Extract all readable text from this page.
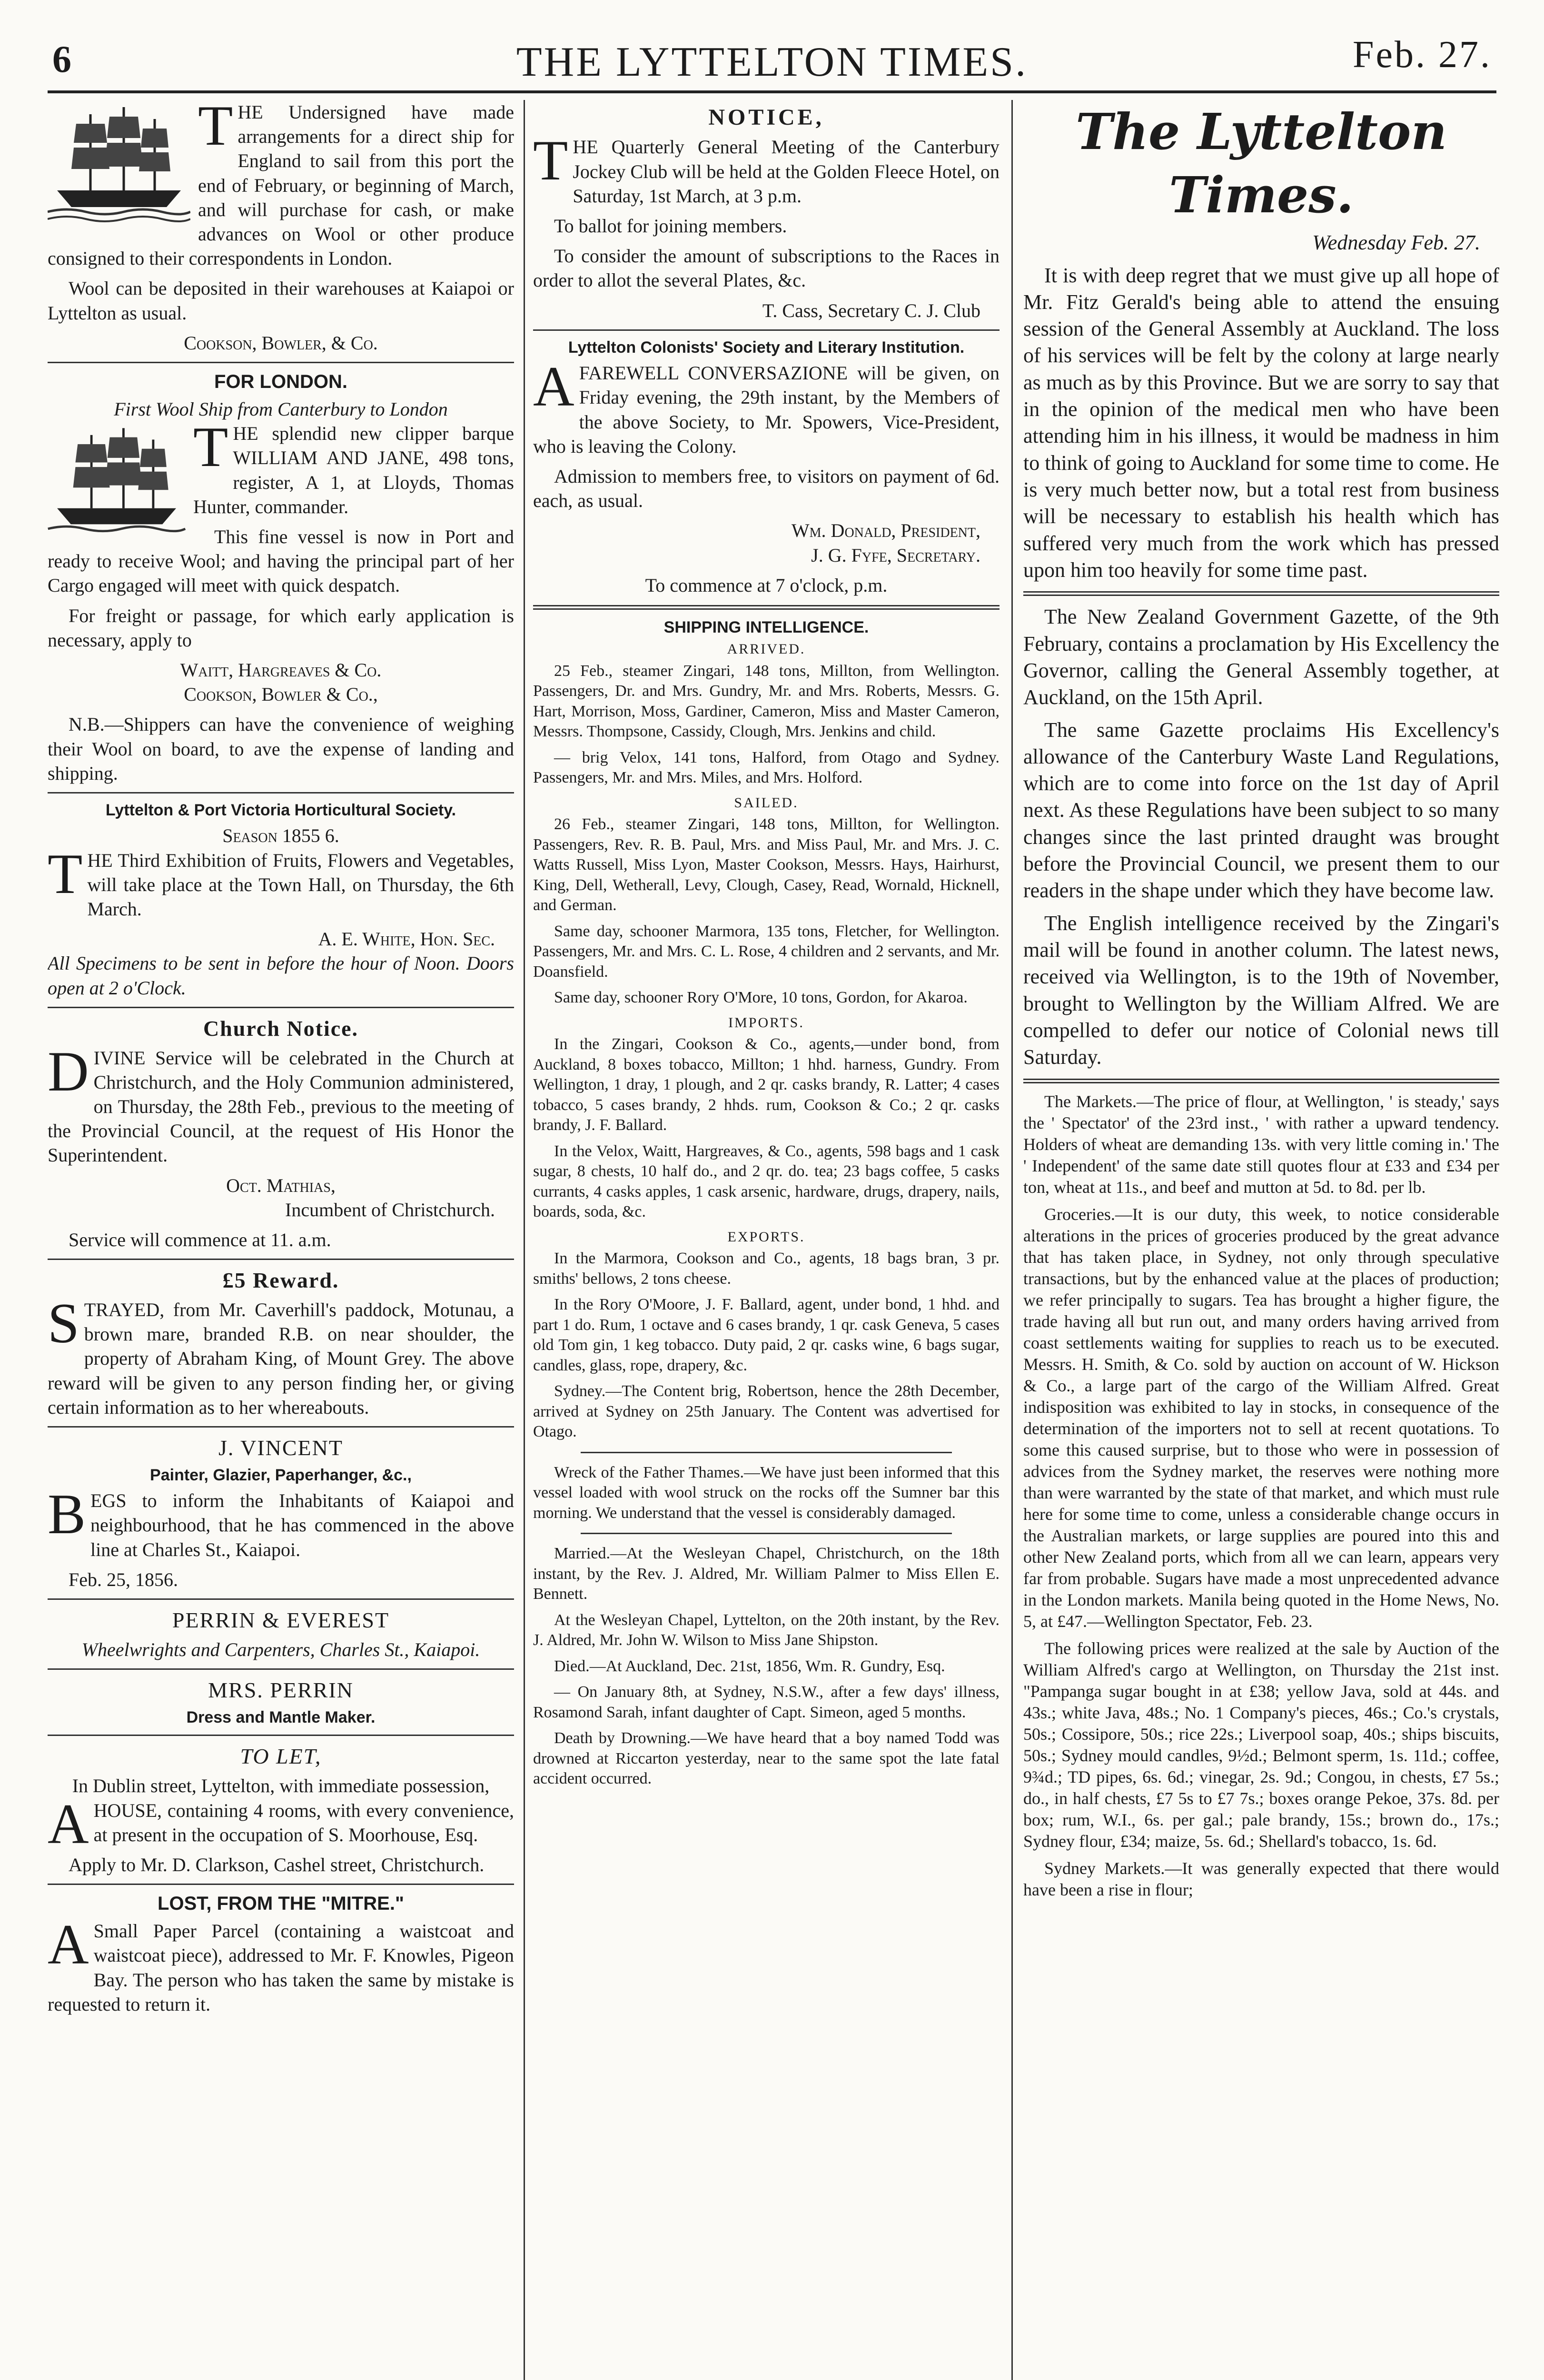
6	THE LYTTELTON TIMES.	Feb. 27.

THE Undersigned have made arrangements for a direct ship for England to sail from this port the end of February, or beginning of March, and will purchase for cash, or make advances on Wool or other produce consigned to their correspondents in London.

Wool can be deposited in their warehouses at Kaiapoi or Lyttelton as usual.

Cookson, Bowler, & Co.

FOR LONDON.
First Wool Ship from Canterbury to London

THE splendid new clipper barque WILLIAM AND JANE, 498 tons, register, A 1, at Lloyds, Thomas Hunter, commander.

This fine vessel is now in Port and ready to receive Wool; and having the principal part of her Cargo engaged will meet with quick despatch.

For freight or passage, for which early application is necessary, apply to

Waitt, Hargreaves & Co.

Cookson, Bowler & Co.,

N.B.—Shippers can have the convenience of weighing their Wool on board, to ave the expense of landing and shipping.

Lyttelton & Port Victoria Horticultural Society.
Season 1855 6.

THE Third Exhibition of Fruits, Flowers and Vegetables, will take place at the Town Hall, on Thursday, the 6th March.

A. E. White, Hon. Sec.

All Specimens to be sent in before the hour of Noon. Doors open at 2 o'Clock.

Church Notice.

DIVINE Service will be celebrated in the Church at Christchurch, and the Holy Communion administered, on Thursday, the 28th Feb., previous to the meeting of the Provincial Council, at the request of His Honor the Superintendent.

Oct. Mathias,

Incumbent of Christchurch.

Service will commence at 11. a.m.

£5 Reward.

STRAYED, from Mr. Caverhill's paddock, Motunau, a brown mare, branded R.B. on near shoulder, the property of Abraham King, of Mount Grey. The above reward will be given to any person finding her, or giving certain information as to her whereabouts.

J. VINCENT
Painter, Glazier, Paperhanger, &c.,

BEGS to inform the Inhabitants of Kaiapoi and neighbourhood, that he has commenced in the above line at Charles St., Kaiapoi.

Feb. 25, 1856.

PERRIN & EVEREST
Wheelwrights and Carpenters, Charles St., Kaiapoi.
MRS. PERRIN
Dress and Mantle Maker.
TO LET,
In Dublin street, Lyttelton, with immediate possession,

AHOUSE, containing 4 rooms, with every convenience, at present in the occupation of S. Moorhouse, Esq.

Apply to Mr. D. Clarkson, Cashel street, Christchurch.

LOST, FROM THE "MITRE."

A Small Paper Parcel (containing a waistcoat and waistcoat piece), addressed to Mr. F. Knowles, Pigeon Bay. The person who has taken the same by mistake is requested to return it.

NOTICE,

THE Quarterly General Meeting of the Canterbury Jockey Club will be held at the Golden Fleece Hotel, on Saturday, 1st March, at 3 p.m.

To ballot for joining members.

To consider the amount of subscriptions to the Races in order to allot the several Plates, &c.

T. Cass, Secretary C. J. Club

Lyttelton Colonists' Society and Literary Institution.

AFAREWELL CONVERSAZIONE will be given, on Friday evening, the 29th instant, by the Members of the above Society, to Mr. Spowers, Vice-President, who is leaving the Colony.

Admission to members free, to visitors on payment of 6d. each, as usual.

Wm. Donald, President,

J. G. Fyfe, Secretary.

To commence at 7 o'clock, p.m.

SHIPPING INTELLIGENCE.
ARRIVED.

25 Feb., steamer Zingari, 148 tons, Millton, from Wellington. Passengers, Dr. and Mrs. Gundry, Mr. and Mrs. Roberts, Messrs. G. Hart, Morrison, Moss, Gardiner, Cameron, Miss and Master Cameron, Messrs. Thompsone, Cassidy, Clough, Mrs. Jenkins and child.

— brig Velox, 141 tons, Halford, from Otago and Sydney. Passengers, Mr. and Mrs. Miles, and Mrs. Holford.

SAILED.

26 Feb., steamer Zingari, 148 tons, Millton, for Wellington. Passengers, Rev. R. B. Paul, Mrs. and Miss Paul, Mr. and Mrs. J. C. Watts Russell, Miss Lyon, Master Cookson, Messrs. Hays, Hairhurst, King, Dell, Wetherall, Levy, Clough, Casey, Read, Wornald, Hicknell, and German.

Same day, schooner Marmora, 135 tons, Fletcher, for Wellington. Passengers, Mr. and Mrs. C. L. Rose, 4 children and 2 servants, and Mr. Doansfield.

Same day, schooner Rory O'More, 10 tons, Gordon, for Akaroa.

IMPORTS.

In the Zingari, Cookson & Co., agents,—under bond, from Auckland, 8 boxes tobacco, Millton; 1 hhd. harness, Gundry. From Wellington, 1 dray, 1 plough, and 2 qr. casks brandy, R. Latter; 4 cases tobacco, 5 cases brandy, 2 hhds. rum, Cookson & Co.; 2 qr. casks brandy, J. F. Ballard.

In the Velox, Waitt, Hargreaves, & Co., agents, 598 bags and 1 cask sugar, 8 chests, 10 half do., and 2 qr. do. tea; 23 bags coffee, 5 casks currants, 4 casks apples, 1 cask arsenic, hardware, drugs, drapery, nails, boards, soda, &c.

EXPORTS.

In the Marmora, Cookson and Co., agents, 18 bags bran, 3 pr. smiths' bellows, 2 tons cheese.

In the Rory O'Moore, J. F. Ballard, agent, under bond, 1 hhd. and part 1 do. Rum, 1 octave and 6 cases brandy, 1 qr. cask Geneva, 5 cases old Tom gin, 1 keg tobacco. Duty paid, 2 qr. casks wine, 6 bags sugar, candles, glass, rope, drapery, &c.

Sydney.—The Content brig, Robertson, hence the 28th December, arrived at Sydney on 25th January. The Content was advertised for Otago.

Wreck of the Father Thames.—We have just been informed that this vessel loaded with wool struck on the rocks off the Sumner bar this morning. We understand that the vessel is considerably damaged.

Married.—At the Wesleyan Chapel, Christchurch, on the 18th instant, by the Rev. J. Aldred, Mr. William Palmer to Miss Ellen E. Bennett.

At the Wesleyan Chapel, Lyttelton, on the 20th instant, by the Rev. J. Aldred, Mr. John W. Wilson to Miss Jane Shipston.

Died.—At Auckland, Dec. 21st, 1856, Wm. R. Gundry, Esq.

— On January 8th, at Sydney, N.S.W., after a few days' illness, Rosamond Sarah, infant daughter of Capt. Simeon, aged 5 months.

Death by Drowning.—We have heard that a boy named Todd was drowned at Riccarton yesterday, near to the same spot the late fatal accident occurred.

The Lyttelton Times.

Wednesday Feb. 27.

It is with deep regret that we must give up all hope of Mr. Fitz Gerald's being able to attend the ensuing session of the General Assembly at Auckland. The loss of his services will be felt by the colony at large nearly as much as by this Province. But we are sorry to say that in the opinion of the medical men who have been attending him in his illness, it would be madness in him to think of going to Auckland for some time to come. He is very much better now, but a total rest from business will be necessary to establish his health which has suffered very much from the work which has pressed upon him too heavily for some time past.

The New Zealand Government Gazette, of the 9th February, contains a proclamation by His Excellency the Governor, calling the General Assembly together, at Auckland, on the 15th April.

The same Gazette proclaims His Excellency's allowance of the Canterbury Waste Land Regulations, which are to come into force on the 1st day of April next. As these Regulations have been subject to so many changes since the last printed draught was brought before the Provincial Council, we present them to our readers in the shape under which they have become law.

The English intelligence received by the Zingari's mail will be found in another column. The latest news, received via Wellington, is to the 19th of November, brought to Wellington by the William Alfred. We are compelled to defer our notice of Colonial news till Saturday.

The Markets.—The price of flour, at Wellington, ' is steady,' says the ' Spectator' of the 23rd inst., ' with rather a upward tendency. Holders of wheat are demanding 13s. with very little coming in.' The ' Independent' of the same date still quotes flour at £33 and £34 per ton, wheat at 11s., and beef and mutton at 5d. to 8d. per lb.

Groceries.—It is our duty, this week, to notice considerable alterations in the prices of groceries produced by the great advance that has taken place, in Sydney, not only through speculative transactions, but by the enhanced value at the places of production; we refer principally to sugars. Tea has brought a higher figure, the trade having all but run out, and many orders having arrived from coast settlements waiting for supplies to reach us to be executed. Messrs. H. Smith, & Co. sold by auction on account of W. Hickson & Co., a large part of the cargo of the William Alfred. Great indisposition was exhibited to lay in stocks, in consequence of the determination of the importers not to sell at recent quotations. To some this caused surprise, but to those who were in possession of advices from the Sydney market, the reserves were nothing more than were warranted by the state of that market, and which must rule here for some time to come, unless a considerable change occurs in the Australian markets, or large supplies are poured into this and other New Zealand ports, which from all we can learn, appears very far from probable. Sugars have made a most unprecedented advance in the London markets. Manila being quoted in the Home News, No. 5, at £47.—Wellington Spectator, Feb. 23.

The following prices were realized at the sale by Auction of the William Alfred's cargo at Wellington, on Thursday the 21st inst. "Pampanga sugar bought in at £38; yellow Java, sold at 44s. and 43s.; white Java, 48s.; No. 1 Company's pieces, 46s.; Co.'s crystals, 50s.; Cossipore, 50s.; rice 22s.; Liverpool soap, 40s.; ships biscuits, 50s.; Sydney mould candles, 9½d.; Belmont sperm, 1s. 11d.; coffee, 9¾d.; TD pipes, 6s. 6d.; vinegar, 2s. 9d.; Congou, in chests, £7 5s.; do., in half chests, £7 5s to £7 7s.; boxes orange Pekoe, 37s. 8d. per box; rum, W.I., 6s. per gal.; pale brandy, 15s.; brown do., 17s.; Sydney flour, £34; maize, 5s. 6d.; Shellard's tobacco, 1s. 6d.

Sydney Markets.—It was generally expected that there would have been a rise in flour;
